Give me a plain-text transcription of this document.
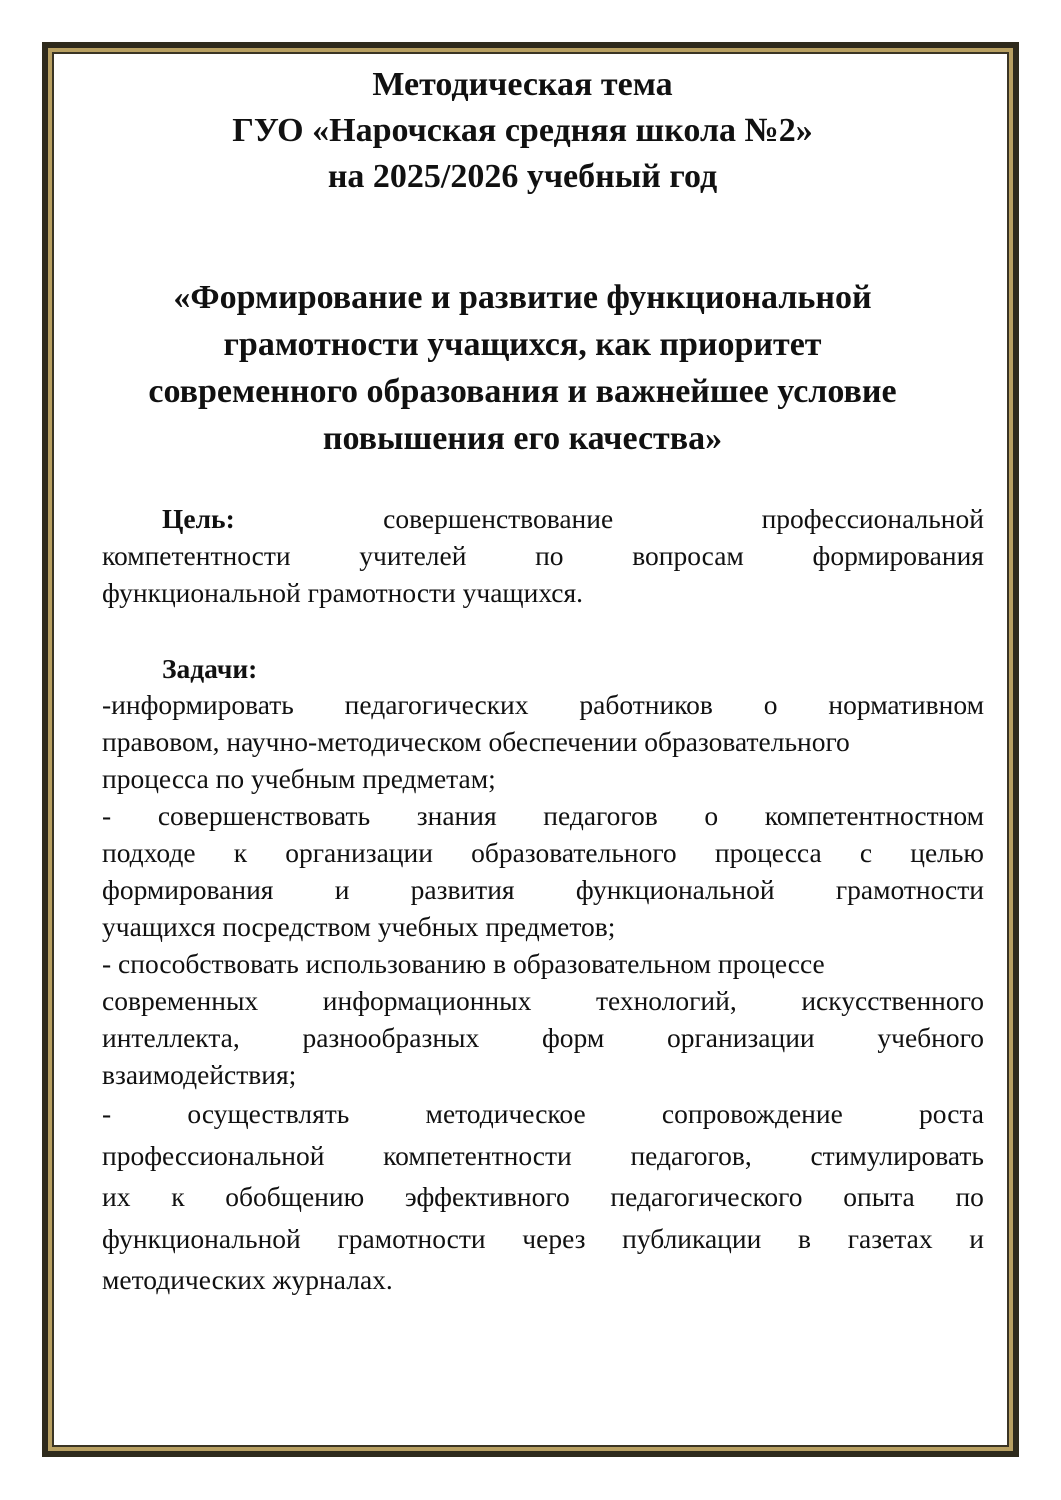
Методическая тема
ГУО «Нарочская средняя школа №2»
на 2025/2026 учебный год
«Формирование и развитие функциональной
грамотности учащихся, как приоритет
современного образования и важнейшее условие
повышения его качества»
Цель:	совершенствование	профессиональной
компетентности учителей по вопросам формирования
функциональной грамотности учащихся.
Задачи:
-информировать педагогических работников о нормативном
правовом, научно-методическом обеспечении образовательного
процесса по учебным предметам;
- совершенствовать знания педагогов о компетентностном
подходе к организации образовательного процесса с целью
формирования и развития функциональной грамотности
учащихся посредством учебных предметов;
- способствовать использованию в образовательном процессе
современных информационных технологий, искусственного
интеллекта, разнообразных форм организации учебного
взаимодействия;
-	осуществлять	методическое	сопровождение	роста
профессиональной компетентности педагогов, стимулировать
их к обобщению эффективного педагогического опыта по
функциональной грамотности через публикации в газетах и
методических журналах.
